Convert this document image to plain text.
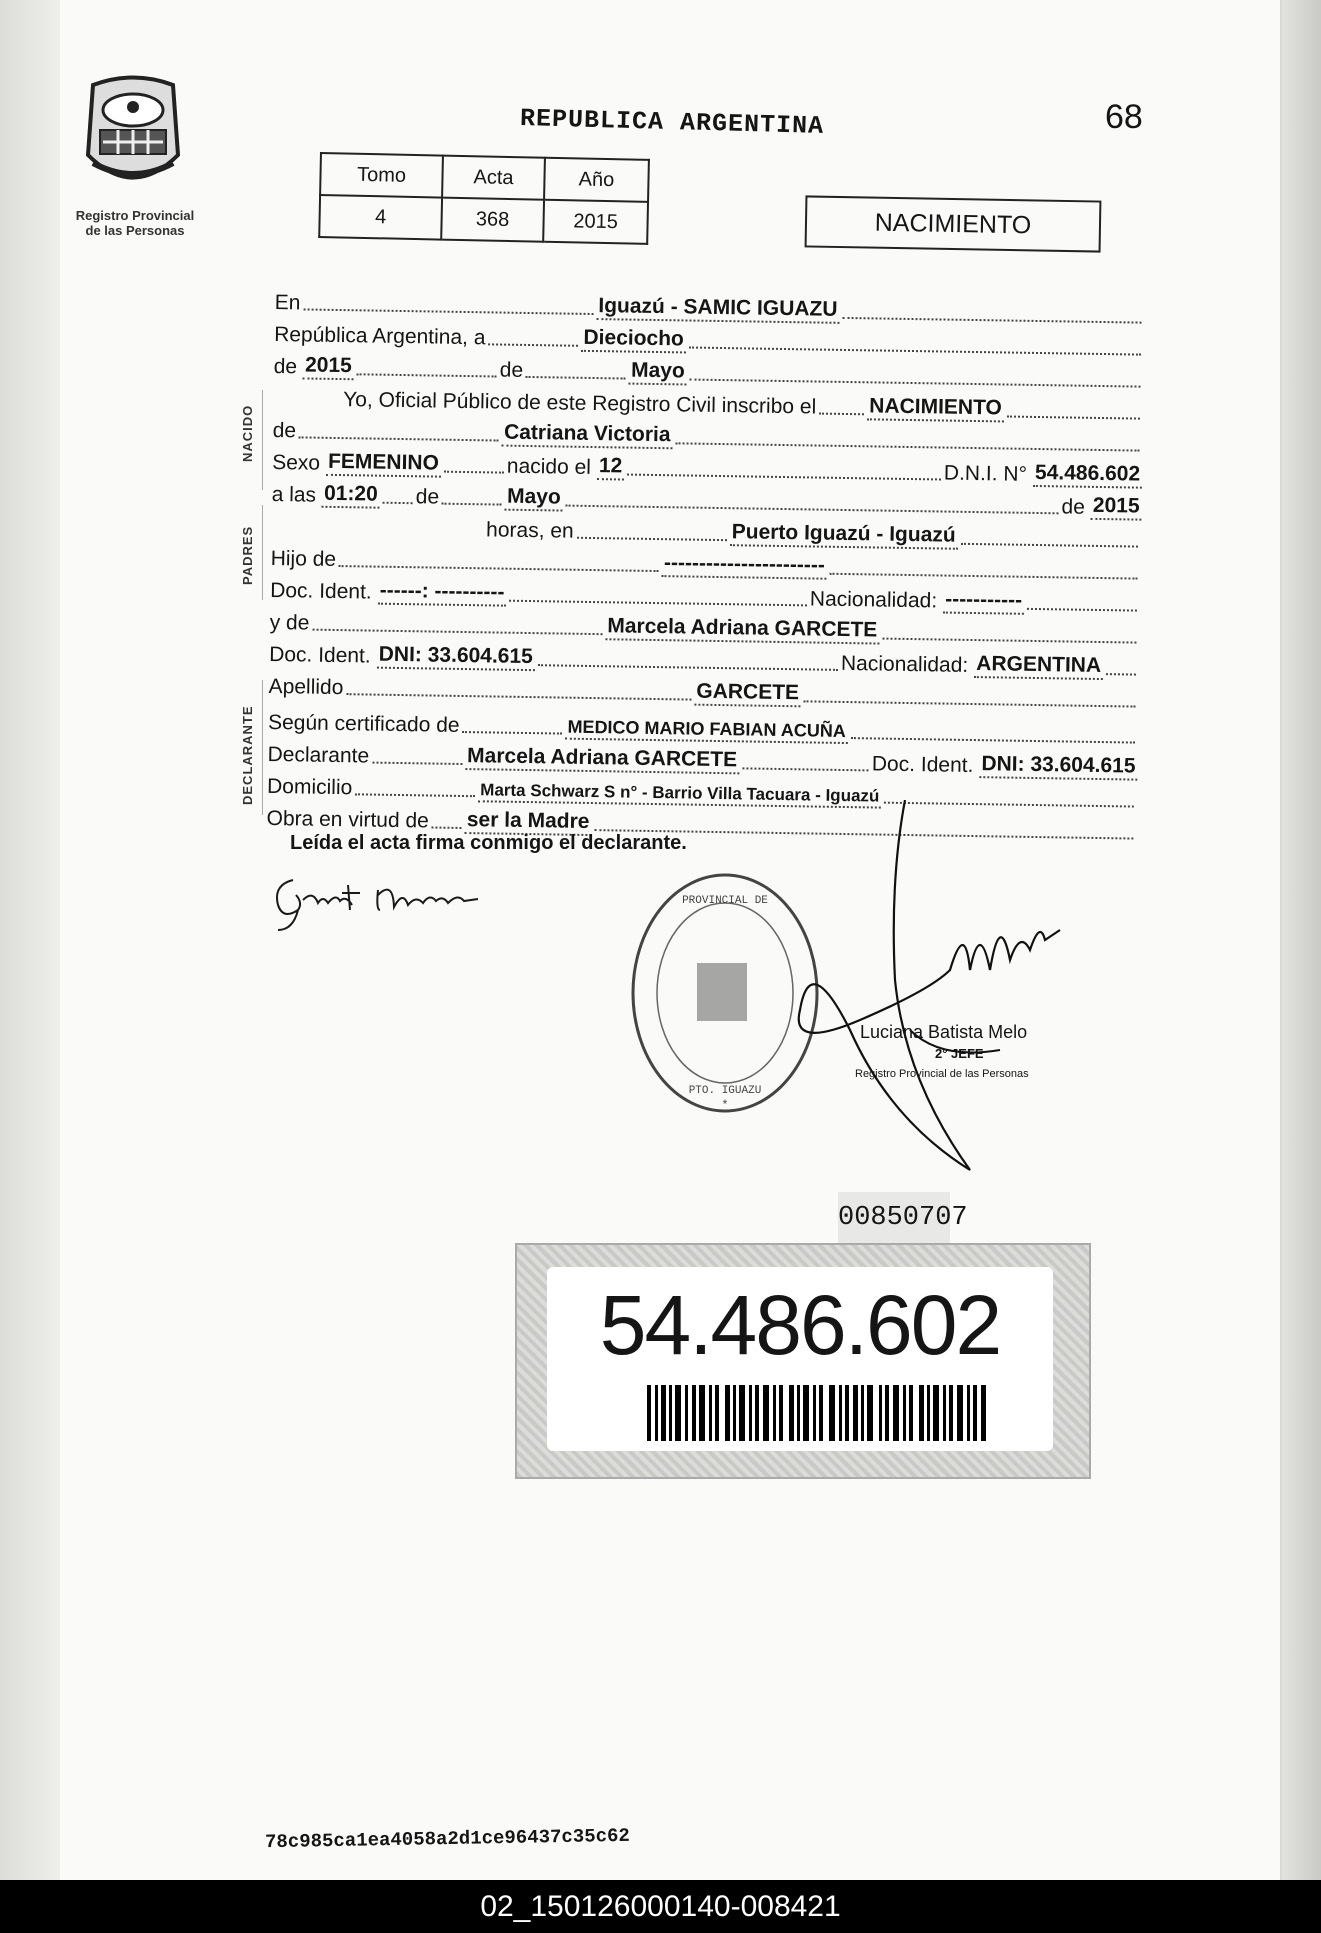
Registro Provincial
de las Personas
REPUBLICA ARGENTINA	68
Tomo	Acta	Año
4	368	2015	NACIMIENTO
NACIDO
PADRES
DECLARANTE
En	Iguazú - SAMIC IGUAZU
República Argentina, a	Dieciocho
de 2015	de	Mayo
Yo, Oficial Público de este Registro Civil inscribo el	NACIMIENTO
de	Catriana Victoria
Sexo FEMENINO	nacido el 12	D.N.I. N° 54.486.602
a las 01:20 de	Mayo	de 2015
horas, en	Puerto Iguazú - Iguazú
Hijo de	-----------------------
Doc. Ident. ------: ----------	Nacionalidad: -----------
y de	Marcela Adriana GARCETE
Doc. Ident. DNI: 33.604.615	Nacionalidad: ARGENTINA
Apellido	GARCETE
Según certificado de	MEDICO MARIO FABIAN ACUÑA
Declarante	Marcela Adriana GARCETE	Doc. Ident. DNI: 33.604.615
Domicilio	Marta Schwarz S n° - Barrio Villa Tacuara - Iguazú
Obra en virtud de ser la Madre
Leída el acta firma conmigo el declarante.
PROVINCIAL DE
PTO. IGUAZU
*
Luciana Batista Melo
2° JEFE
Registro Provincial de las Personas
00850707
54.486.602
78c985ca1ea4058a2d1ce96437c35c62
02_150126000140-008421
